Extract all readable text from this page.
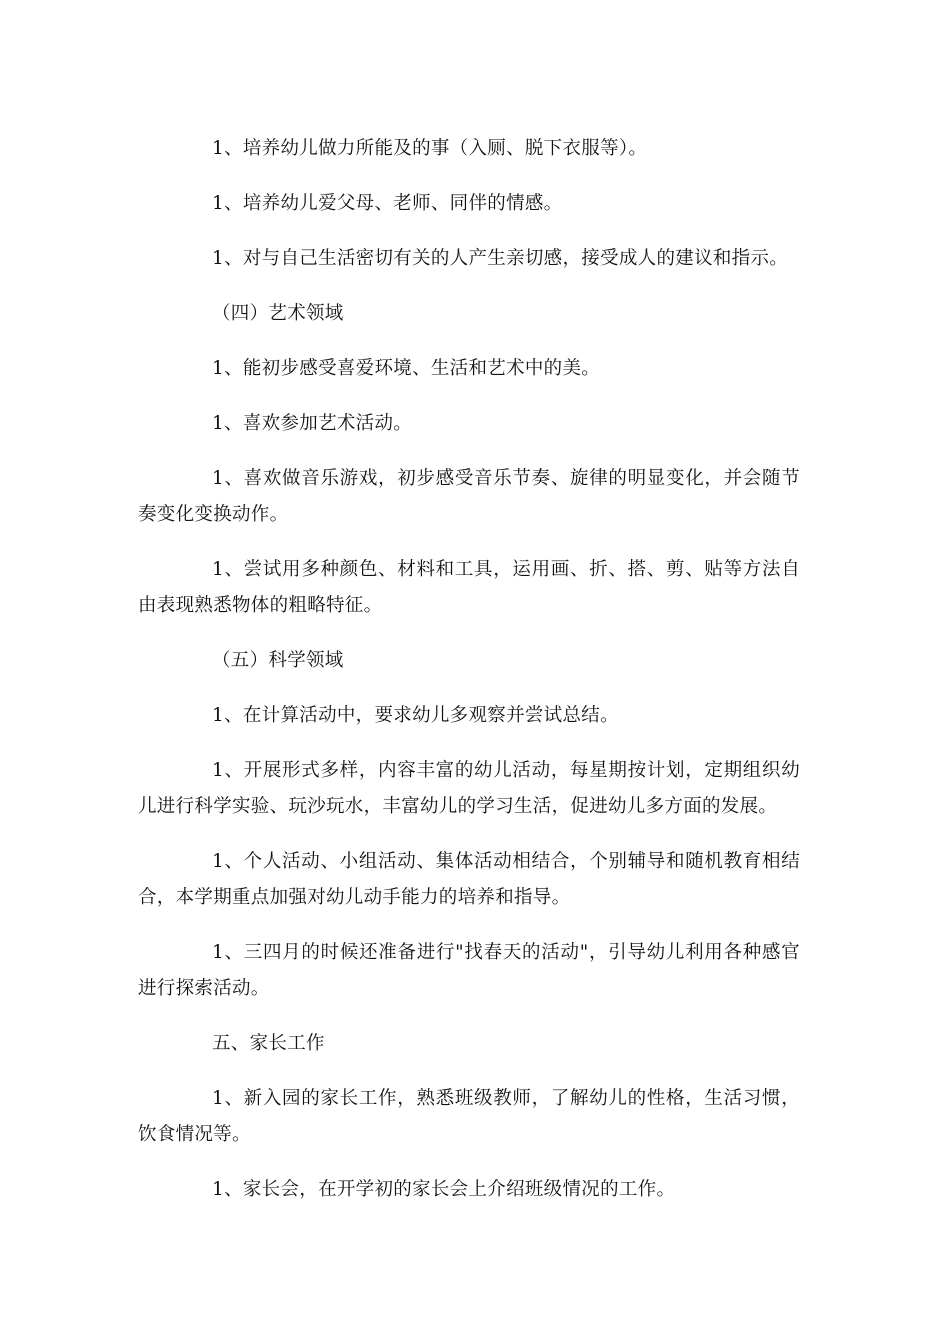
1、培养幼儿做力所能及的事（入厕、脱下衣服等）。

1、培养幼儿爱父母、老师、同伴的情感。

1、对与自己生活密切有关的人产生亲切感，接受成人的建议和指示。

（四）艺术领域

1、能初步感受喜爱环境、生活和艺术中的美。

1、喜欢参加艺术活动。

1、喜欢做音乐游戏，初步感受音乐节奏、旋律的明显变化，并会随节奏变化变换动作。

1、尝试用多种颜色、材料和工具，运用画、折、搭、剪、贴等方法自由表现熟悉物体的粗略特征。

（五）科学领域

1、在计算活动中，要求幼儿多观察并尝试总结。

1、开展形式多样，内容丰富的幼儿活动，每星期按计划，定期组织幼儿进行科学实验、玩沙玩水，丰富幼儿的学习生活，促进幼儿多方面的发展。

1、个人活动、小组活动、集体活动相结合，个别辅导和随机教育相结合，本学期重点加强对幼儿动手能力的培养和指导。

1、三四月的时候还准备进行"找春天的活动"，引导幼儿利用各种感官进行探索活动。

五、家长工作

1、新入园的家长工作，熟悉班级教师，了解幼儿的性格，生活习惯，饮食情况等。

1、家长会，在开学初的家长会上介绍班级情况的工作。
